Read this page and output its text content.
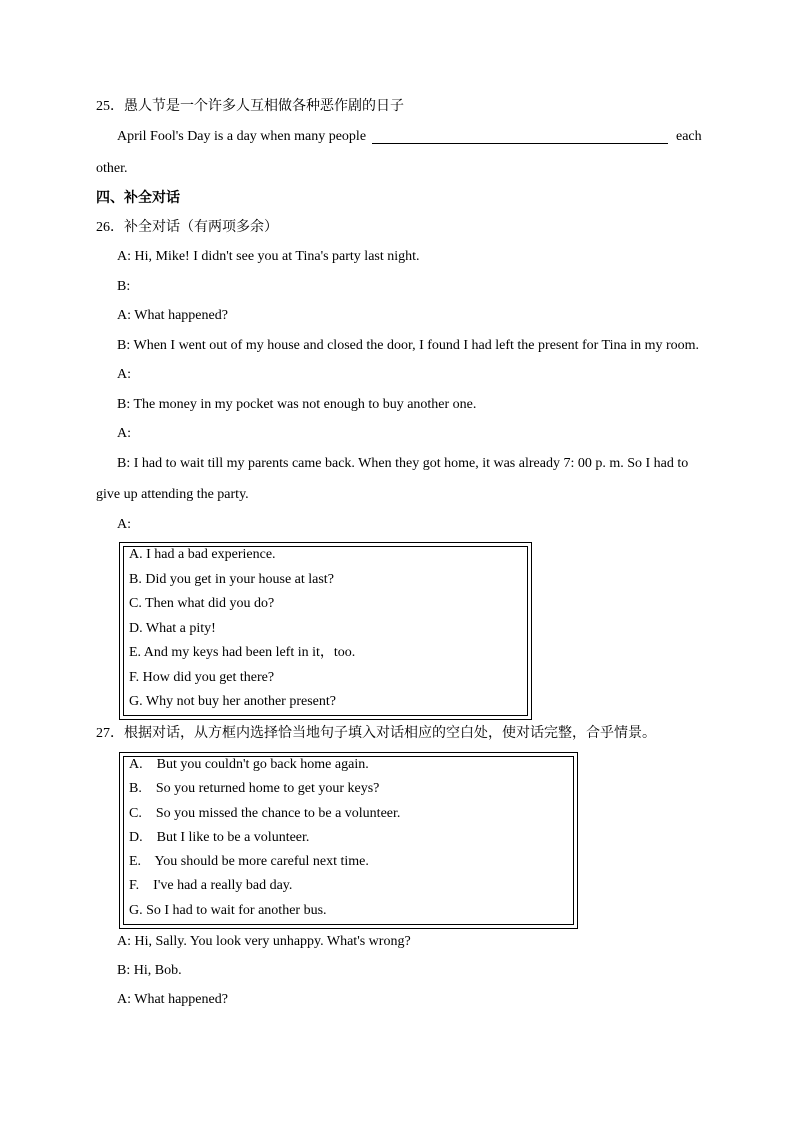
25．愚人节是一个许多人互相做各种恶作剧的日子
April Fool's Day is a day when many people	each
other.
四、补全对话
26．补全对话（有两项多余）
A: Hi, Mike! I didn't see you at Tina's party last night.
B:
A: What happened?
B: When I went out of my house and closed the door, I found I had left the present for Tina in my room.
A:
B: The money in my pocket was not enough to buy another one.
A:
B: I had to wait till my parents came back. When they got home, it was already 7: 00 p. m. So I had to
give up attending the party.
A:
A. I had a bad experience.
B. Did you get in your house at last?
C. Then what did you do?
D. What a pity!
E. And my keys had been left in it，too.
F. How did you get there?
G. Why not buy her another present?
27．根据对话，从方框内选择恰当地句子填入对话相应的空白处，使对话完整，合乎情景。
A.    But you couldn't go back home again.
B.    So you returned home to get your keys?
C.    So you missed the chance to be a volunteer.
D.    But I like to be a volunteer.
E.    You should be more careful next time.
F.    I've had a really bad day.
G. So I had to wait for another bus.
A: Hi, Sally. You look very unhappy. What's wrong?
B: Hi, Bob.
A: What happened?
